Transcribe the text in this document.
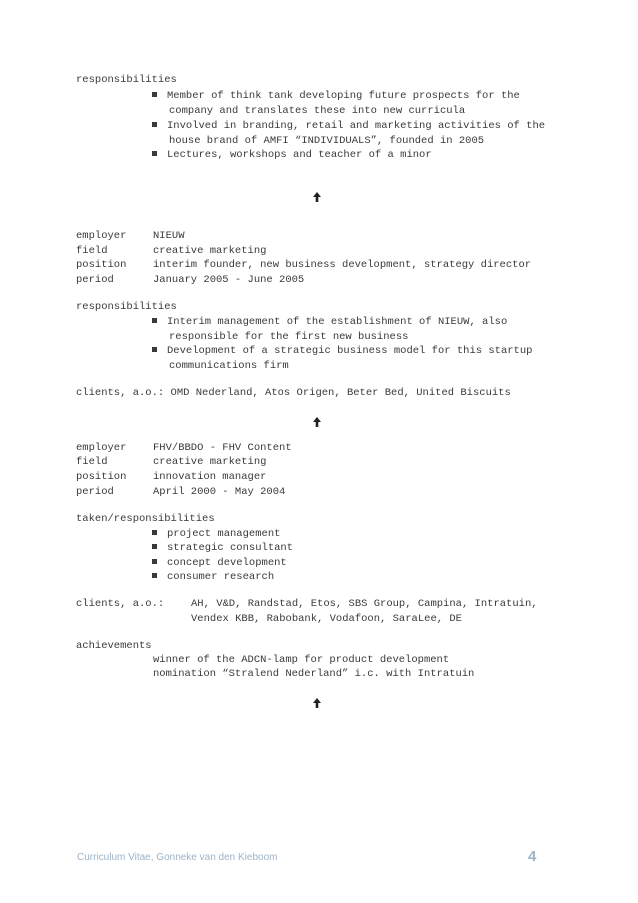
responsibilities
Member of think tank developing future prospects for the
company and translates these into new curricula
Involved in branding, retail and marketing activities of the
house brand of AMFI “INDIVIDUALS”, founded in 2005
Lectures, workshops and teacher of a minor
employer	NIEUW
field	creative marketing
position	interim founder, new business development, strategy director
period	January 2005 - June 2005
responsibilities
Interim management of the establishment of NIEUW, also
responsible for the first new business
Development of a strategic business model for this startup
communications firm
clients, a.o.: OMD Nederland, Atos Origen, Beter Bed, United Biscuits
employer	FHV/BBDO - FHV Content
field	creative marketing
position	innovation manager
period	April 2000 - May 2004
taken/responsibilities
project management
strategic consultant
concept development
consumer research
clients, a.o.:	AH, V&D, Randstad, Etos, SBS Group, Campina, Intratuin,
Vendex KBB, Rabobank, Vodafoon, SaraLee, DE
achievements
winner of the ADCN-lamp for product development
nomination “Stralend Nederland” i.c. with Intratuin
Curriculum Vitae, Gonneke van den Kieboom	4
